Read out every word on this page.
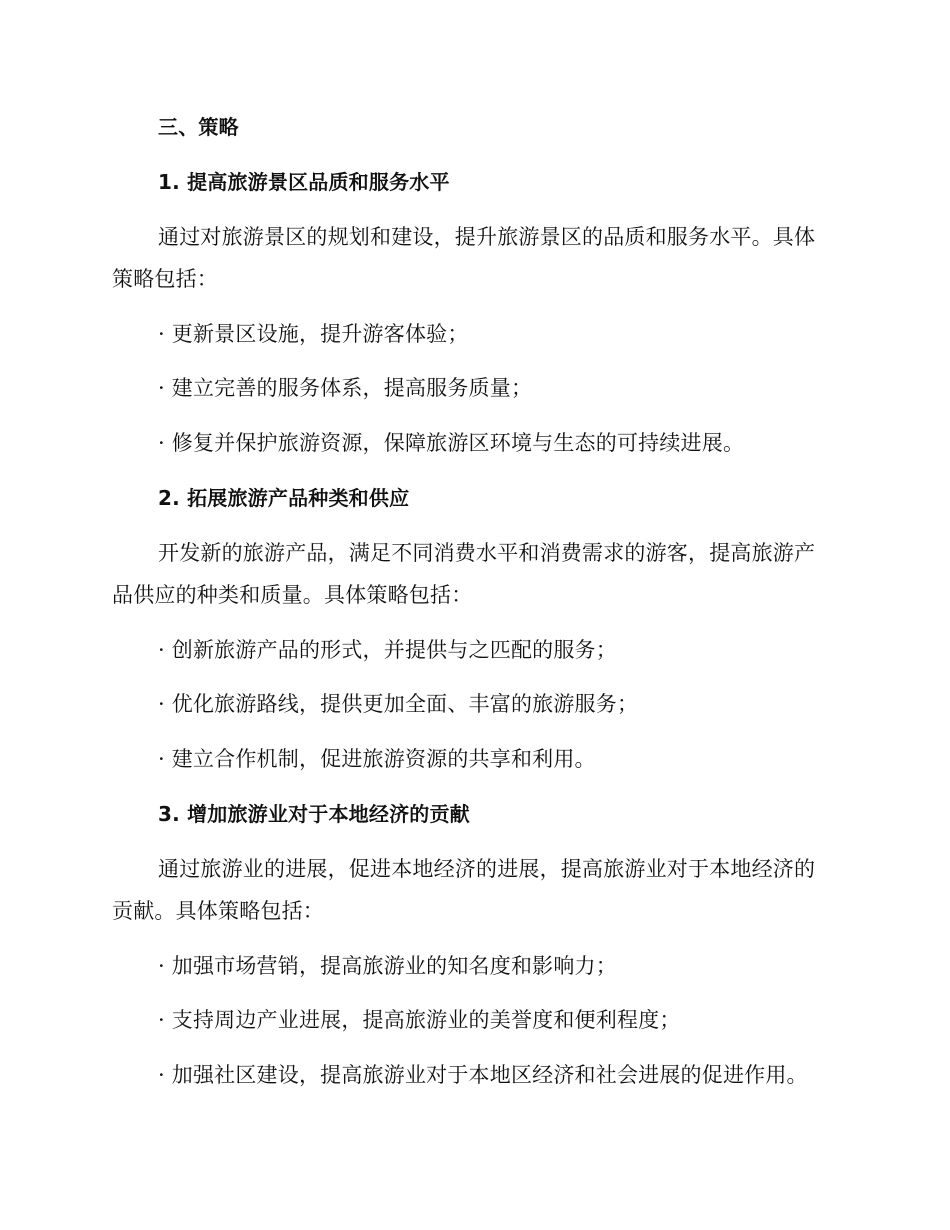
三、策略
1. 提高旅游景区品质和服务水平
通过对旅游景区的规划和建设，提升旅游景区的品质和服务水平。具体
策略包括：
· 更新景区设施，提升游客体验；
· 建立完善的服务体系，提高服务质量；
· 修复并保护旅游资源，保障旅游区环境与生态的可持续进展。
2. 拓展旅游产品种类和供应
开发新的旅游产品，满足不同消费水平和消费需求的游客，提高旅游产
品供应的种类和质量。具体策略包括：
· 创新旅游产品的形式，并提供与之匹配的服务；
· 优化旅游路线，提供更加全面、丰富的旅游服务；
· 建立合作机制，促进旅游资源的共享和利用。
3. 增加旅游业对于本地经济的贡献
通过旅游业的进展，促进本地经济的进展，提高旅游业对于本地经济的
贡献。具体策略包括：
· 加强市场营销，提高旅游业的知名度和影响力；
· 支持周边产业进展，提高旅游业的美誉度和便利程度；
· 加强社区建设，提高旅游业对于本地区经济和社会进展的促进作用。
